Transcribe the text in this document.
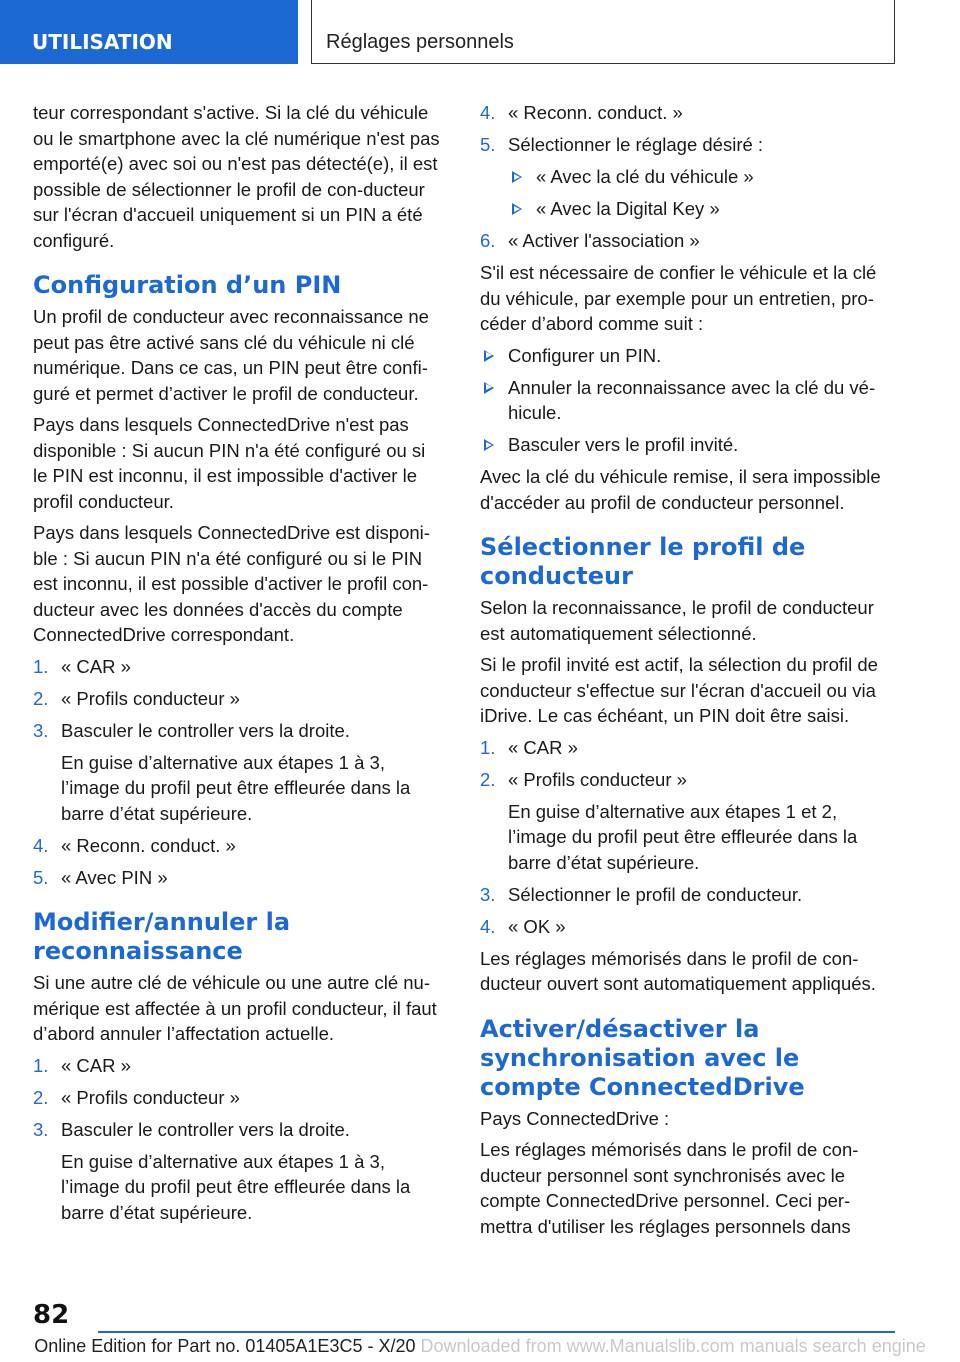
UTILISATION	Réglages personnels

teur correspondant s'active. Si la clé du véhicule ou le smartphone avec la clé numérique n'est pas emporté(e) avec soi ou n'est pas détecté(e), il est possible de sélectionner le profil de con-ducteur sur l'écran d'accueil uniquement si un PIN a été configuré.

Configuration d’un PIN

Un profil de conducteur avec reconnaissance ne peut pas être activé sans clé du véhicule ni clé numérique. Dans ce cas, un PIN peut être confi-guré et permet d’activer le profil de conducteur.

Pays dans lesquels ConnectedDrive n'est pas disponible : Si aucun PIN n'a été configuré ou si le PIN est inconnu, il est impossible d'activer le profil conducteur.

Pays dans lesquels ConnectedDrive est disponi-ble : Si aucun PIN n'a été configuré ou si le PIN est inconnu, il est possible d'activer le profil con-ducteur avec les données d'accès du compte ConnectedDrive correspondant.

1. « CAR »
2. « Profils conducteur »
3. Basculer le controller vers la droite.
En guise d’alternative aux étapes 1 à 3, l’image du profil peut être effleurée dans la barre d’état supérieure.
4. « Reconn. conduct. »
5. « Avec PIN »
Modifier/annuler la reconnaissance

Si une autre clé de véhicule ou une autre clé nu-mérique est affectée à un profil conducteur, il faut d’abord annuler l’affectation actuelle.

1. « CAR »
2. « Profils conducteur »
3. Basculer le controller vers la droite.
En guise d’alternative aux étapes 1 à 3, l’image du profil peut être effleurée dans la barre d’état supérieure.
4. « Reconn. conduct. »
5. Sélectionner le réglage désiré :
« Avec la clé du véhicule »
« Avec la Digital Key »
6. « Activer l'association »

S'il est nécessaire de confier le véhicule et la clé du véhicule, par exemple pour un entretien, pro-céder d’abord comme suit :

Configurer un PIN.
Annuler la reconnaissance avec la clé du vé-hicule.
Basculer vers le profil invité.

Avec la clé du véhicule remise, il sera impossible d'accéder au profil de conducteur personnel.

Sélectionner le profil de conducteur

Selon la reconnaissance, le profil de conducteur est automatiquement sélectionné.

Si le profil invité est actif, la sélection du profil de conducteur s'effectue sur l'écran d'accueil ou via iDrive. Le cas échéant, un PIN doit être saisi.

1. « CAR »
2. « Profils conducteur »
En guise d’alternative aux étapes 1 et 2, l’image du profil peut être effleurée dans la barre d’état supérieure.
3. Sélectionner le profil de conducteur.
4. « OK »

Les réglages mémorisés dans le profil de con-ducteur ouvert sont automatiquement appliqués.

Activer/désactiver la synchronisation avec le compte ConnectedDrive

Pays ConnectedDrive :

Les réglages mémorisés dans le profil de con-ducteur personnel sont synchronisés avec le compte ConnectedDrive personnel. Ceci per-mettra d'utiliser les réglages personnels dans

82
Online Edition for Part no. 01405A1E3C5 - X/20 Downloaded from www.Manualslib.com manuals search engine
